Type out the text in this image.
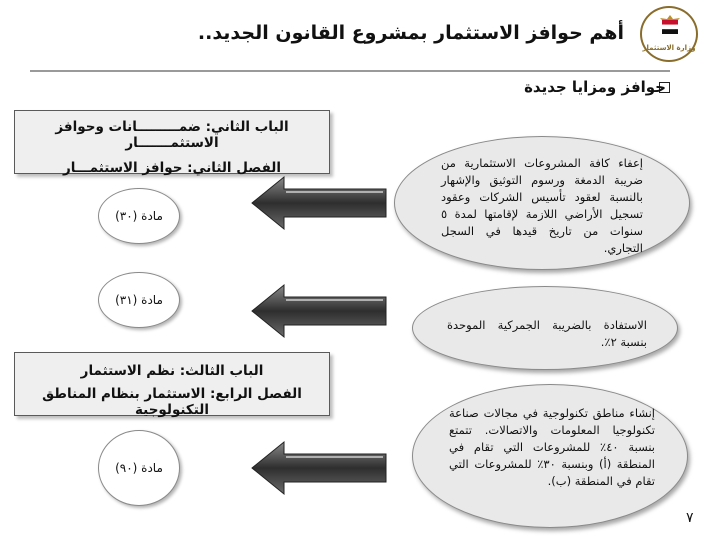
وزارة الاستثمار
أهم حوافز الاستثمار بمشروع القانون الجديد..
حوافز ومزايا جديدة
الباب الثاني: ضمـــــــــانات وحوافز الاستثمـــــــار
الفصل الثاني: حوافز الاستثمـــار
الباب الثالث: نظم الاستثمار
الفصل الرابع: الاستثمار بنظام المناطق التكنولوجية
مادة (٣٠)
إعفاء كافة المشروعات الاستثمارية من ضريبة الدمغة ورسوم التوثيق والإشهار بالنسبة لعقود تأسيس الشركات وعقود تسجيل الأراضي اللازمة لإقامتها لمدة ٥ سنوات من تاريخ قيدها في السجل التجاري.
مادة (٣١)
الاستفادة بالضريبة الجمركية الموحدة بنسبة ٢٪.
مادة (٩٠)
إنشاء مناطق تكنولوجية في مجالات صناعة تكنولوجيا المعلومات والاتصالات. تتمتع بنسبة ٤٠٪ للمشروعات التي تقام في المنطقة (أ) وبنسبة ٣٠٪ للمشروعات التي تقام في المنطقة (ب).
٧
